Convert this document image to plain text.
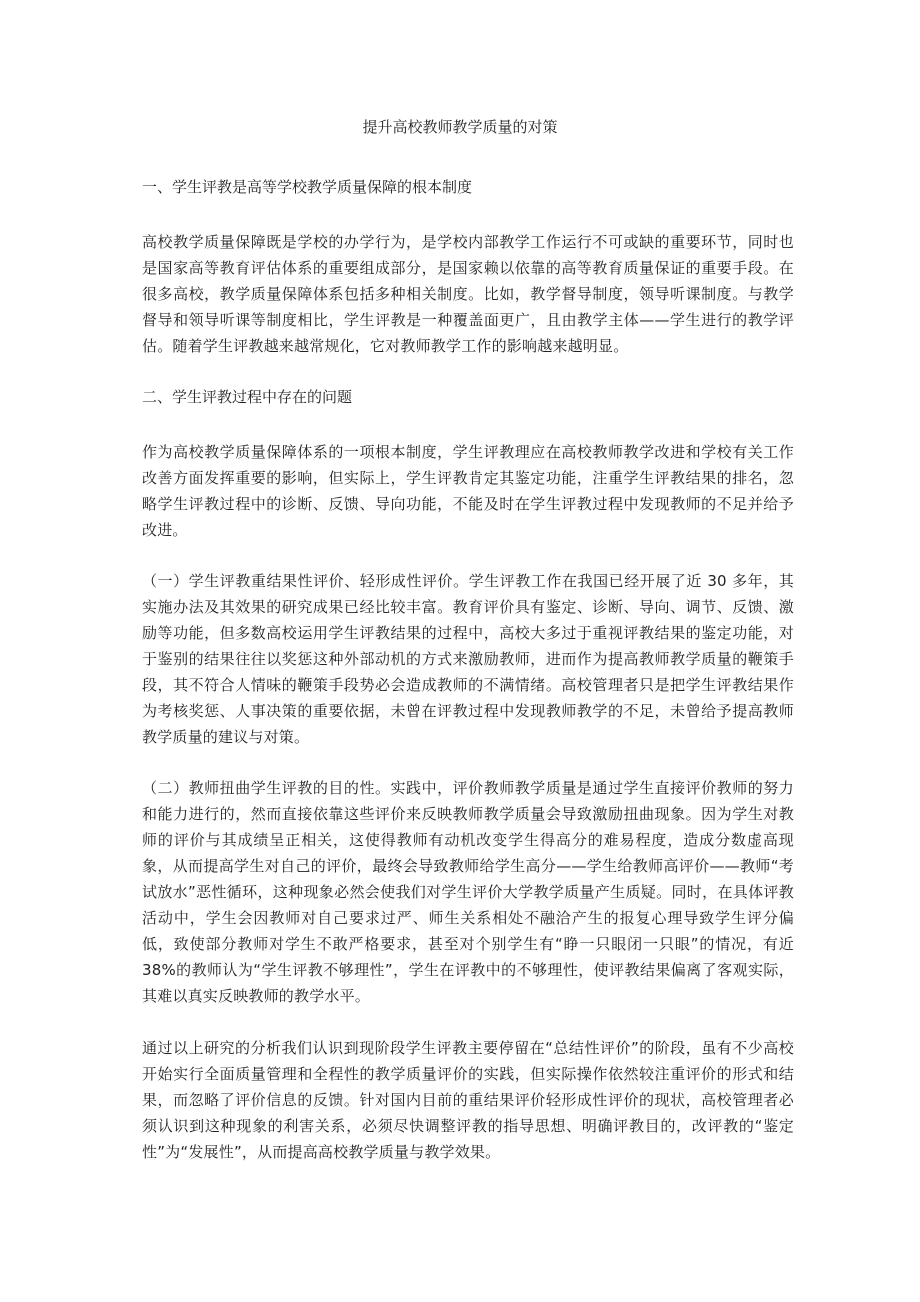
提升高校教师教学质量的对策
一、学生评教是高等学校教学质量保障的根本制度

高校教学质量保障既是学校的办学行为，是学校内部教学工作运行不可或缺的重要环节，同时也是国家高等教育评估体系的重要组成部分，是国家赖以依靠的高等教育质量保证的重要手段。在很多高校，教学质量保障体系包括多种相关制度。比如，教学督导制度，领导听课制度。与教学督导和领导听课等制度相比，学生评教是一种覆盖面更广，且由教学主体——学生进行的教学评估。随着学生评教越来越常规化，它对教师教学工作的影响越来越明显。

二、学生评教过程中存在的问题

作为高校教学质量保障体系的一项根本制度，学生评教理应在高校教师教学改进和学校有关工作改善方面发挥重要的影响，但实际上，学生评教肯定其鉴定功能，注重学生评教结果的排名，忽略学生评教过程中的诊断、反馈、导向功能，不能及时在学生评教过程中发现教师的不足并给予改进。

（一）学生评教重结果性评价、轻形成性评价。学生评教工作在我国已经开展了近 30 多年，其实施办法及其效果的研究成果已经比较丰富。教育评价具有鉴定、诊断、导向、调节、反馈、激励等功能，但多数高校运用学生评教结果的过程中，高校大多过于重视评教结果的鉴定功能，对于鉴别的结果往往以奖惩这种外部动机的方式来激励教师，进而作为提高教师教学质量的鞭策手段，其不符合人情味的鞭策手段势必会造成教师的不满情绪。高校管理者只是把学生评教结果作为考核奖惩、人事决策的重要依据，未曾在评教过程中发现教师教学的不足，未曾给予提高教师教学质量的建议与对策。

（二）教师扭曲学生评教的目的性。实践中，评价教师教学质量是通过学生直接评价教师的努力和能力进行的，然而直接依靠这些评价来反映教师教学质量会导致激励扭曲现象。因为学生对教师的评价与其成绩呈正相关，这使得教师有动机改变学生得高分的难易程度，造成分数虚高现象，从而提高学生对自己的评价，最终会导致教师给学生高分——学生给教师高评价——教师“考试放水”恶性循环，这种现象必然会使我们对学生评价大学教学质量产生质疑。同时，在具体评教活动中，学生会因教师对自己要求过严、师生关系相处不融洽产生的报复心理导致学生评分偏低，致使部分教师对学生不敢严格要求，甚至对个别学生有“睁一只眼闭一只眼”的情况，有近 38%的教师认为“学生评教不够理性”，学生在评教中的不够理性，使评教结果偏离了客观实际，其难以真实反映教师的教学水平。

通过以上研究的分析我们认识到现阶段学生评教主要停留在“总结性评价”的阶段，虽有不少高校开始实行全面质量管理和全程性的教学质量评价的实践，但实际操作依然较注重评价的形式和结果，而忽略了评价信息的反馈。针对国内目前的重结果评价轻形成性评价的现状，高校管理者必须认识到这种现象的利害关系，必须尽快调整评教的指导思想、明确评教目的，改评教的“鉴定性”为“发展性”，从而提高高校教学质量与教学效果。
